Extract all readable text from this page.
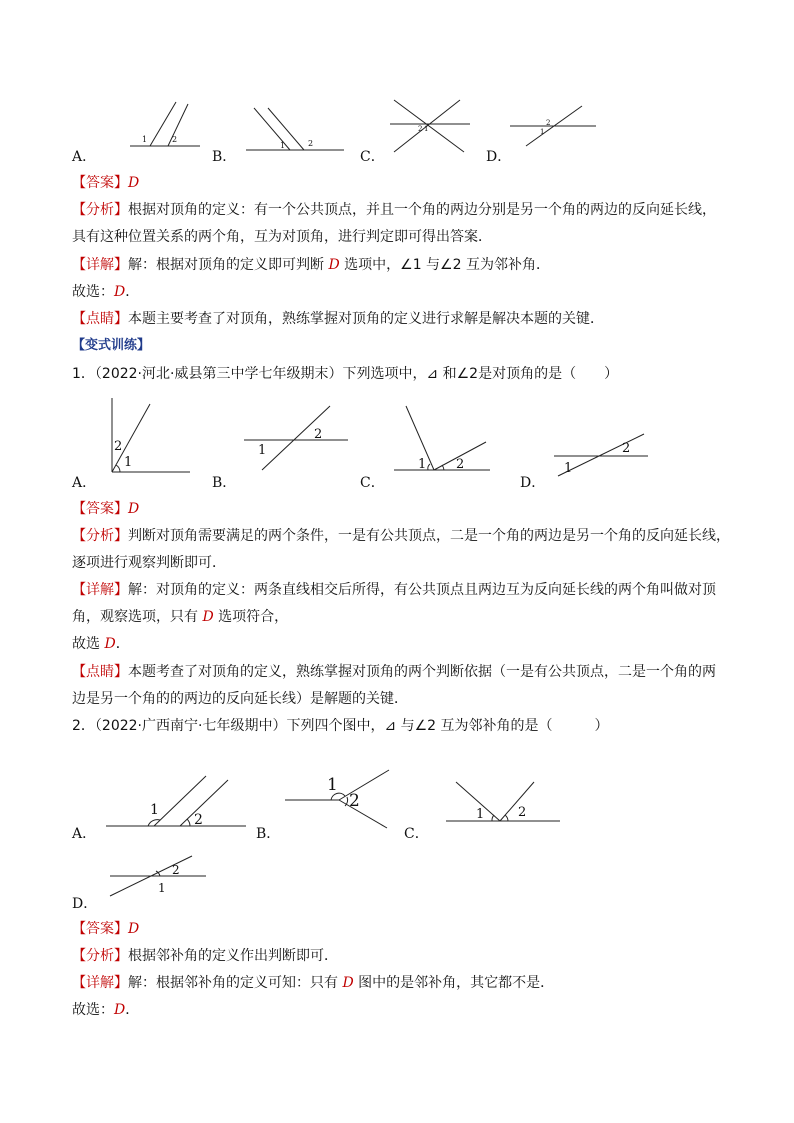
A．
1	2
B．
1	2
C．
2 1
D．
2
1
【答案】D
【分析】根据对顶角的定义：有一个公共顶点，并且一个角的两边分别是另一个角的两边的反向延长线，
具有这种位置关系的两个角，互为对顶角，进行判定即可得出答案．
【详解】解：根据对顶角的定义即可判断 D 选项中，∠1 与∠2 互为邻补角．
故选：D．
【点睛】本题主要考查了对顶角，熟练掌握对顶角的定义进行求解是解决本题的关键．
【变式训练】
1．（2022·河北·威县第三中学七年级期末）下列选项中，⊿ 和∠2是对顶角的是（　　）
A．
2
1
B．
1
2
C．
1 2
D．
1
2
【答案】D
【分析】判断对顶角需要满足的两个条件，一是有公共顶点，二是一个角的两边是另一个角的反向延长线，
逐项进行观察判断即可．
【详解】解：对顶角的定义：两条直线相交后所得，有公共顶点且两边互为反向延长线的两个角叫做对顶
角，观察选项，只有 D 选项符合，
故选 D．
【点睛】本题考查了对顶角的定义，熟练掌握对顶角的两个判断依据（一是有公共顶点，二是一个角的两
边是另一个角的的两边的反向延长线）是解题的关键．
2．（2022·广西南宁·七年级期中）下列四个图中，⊿ 与∠2 互为邻补角的是（　　　）
A．
1
2
B．
1
2
C．
1	2
D．
2
1
【答案】D
【分析】根据邻补角的定义作出判断即可．
【详解】解：根据邻补角的定义可知：只有 D 图中的是邻补角，其它都不是．
故选：D．
